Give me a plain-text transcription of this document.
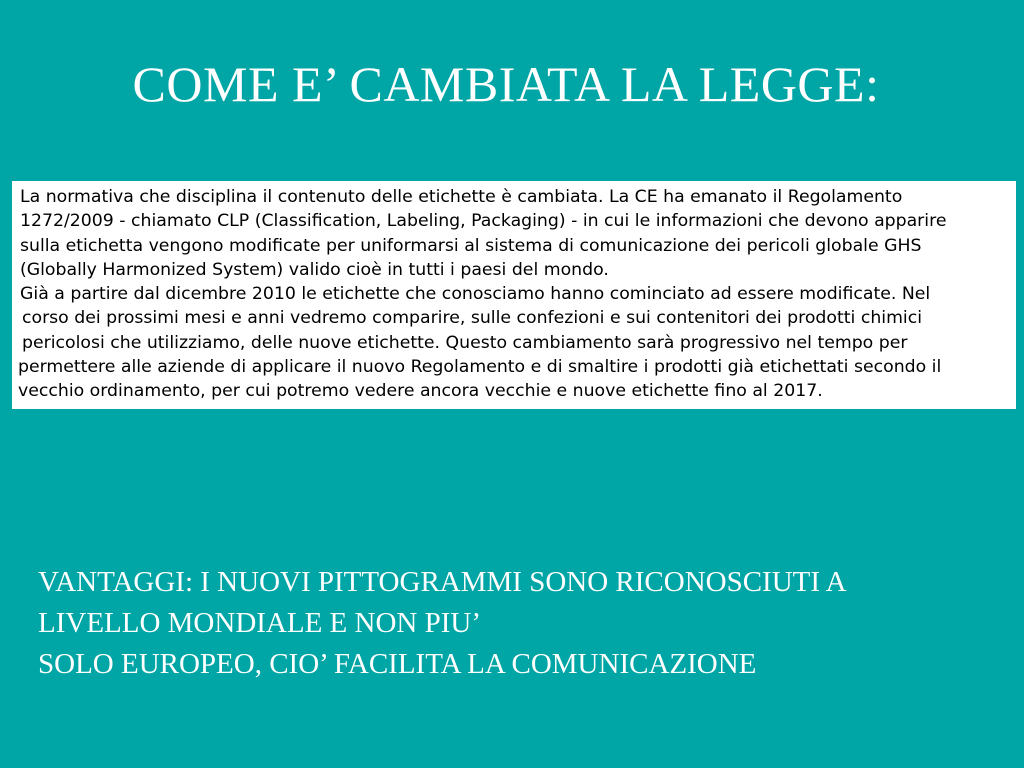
COME E’ CAMBIATA LA LEGGE:
La normativa che disciplina il contenuto delle etichette è cambiata. La CE ha emanato il Regolamento
1272/2009 - chiamato CLP (Classification, Labeling, Packaging) - in cui le informazioni che devono apparire
sulla etichetta vengono modificate per uniformarsi al sistema di comunicazione dei pericoli globale GHS
(Globally Harmonized System) valido cioè in tutti i paesi del mondo.
Già a partire dal dicembre 2010 le etichette che conosciamo hanno cominciato ad essere modificate. Nel
corso dei prossimi mesi e anni vedremo comparire, sulle confezioni e sui contenitori dei prodotti chimici
pericolosi che utilizziamo, delle nuove etichette. Questo cambiamento sarà progressivo nel tempo per
permettere alle aziende di applicare il nuovo Regolamento e di smaltire i prodotti già etichettati secondo il
vecchio ordinamento, per cui potremo vedere ancora vecchie e nuove etichette fino al 2017.
VANTAGGI: I NUOVI PITTOGRAMMI SONO RICONOSCIUTI A
LIVELLO MONDIALE E NON PIU’
SOLO EUROPEO, CIO’ FACILITA LA COMUNICAZIONE
